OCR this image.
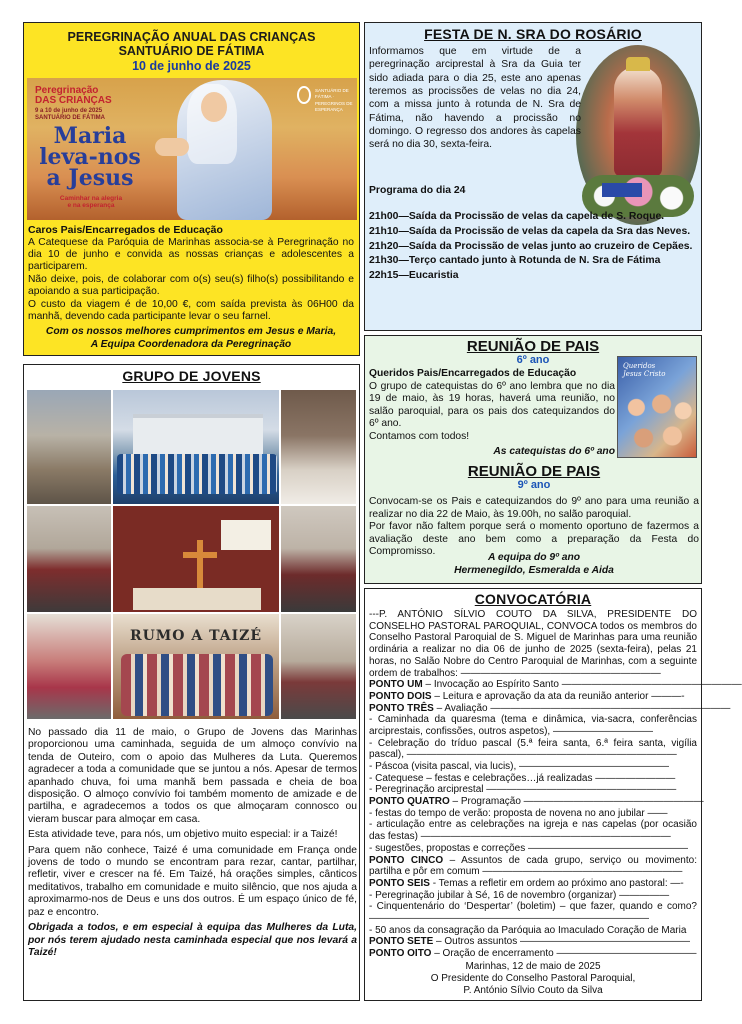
PEREGRINAÇÃO ANUAL DAS CRIANÇAS
SANTUÁRIO DE FÁTIMA
10 de junho de 2025
SANTUÁRIO DE FÁTIMA · PEREGRINOS DE ESPERANÇA
Peregrinação
DAS CRIANÇAS
9 a 10 de junho de 2025
SANTUÁRIO DE FÁTIMA
Maria
leva-nos
a Jesus
Caminhar na alegria
e na esperança
Caros Pais/Encarregados de Educação

A Catequese da Paróquia de Marinhas associa-se à Peregrinação no dia 10 de junho e convida as nossas crianças e adolescentes a participarem.

Não deixe, pois, de colaborar com o(s) seu(s) filho(s) possibilitando e apoiando a sua participação.

O custo da viagem é de 10,00 €, com saída prevista às 06H00 da manhã, devendo cada participante levar o seu farnel.

Com os nossos melhores cumprimentos em Jesus e Maria,
A Equipa Coordenadora da Peregrinação
FESTA DE N. SRA DO ROSÁRIO

Informamos que em virtude de a peregrinação arciprestal à Sra da Guia ter sido adiada para o dia 25, este ano apenas teremos as procissões de velas no dia 24, com a missa junto à rotunda de N. Sra de Fátima, não havendo a procissão no domingo. O regresso dos andores às capelas será no dia 30, sexta-feira.

Programa do dia 24
21h00—Saída da Procissão de velas da capela de S. Roque.
21h10—Saída da Procissão de velas da capela da Sra das Neves.
21h20—Saída da Procissão de velas junto ao cruzeiro de Cepães.
21h30—Terço cantado junto à Rotunda de N. Sra de Fátima
22h15—Eucaristia
REUNIÃO DE PAIS
6º ano	Queridos
Jesus Cristo
Queridos Pais/Encarregados de Educação

O grupo de catequistas do 6º ano lembra que no dia 19 de maio, às 19 horas, haverá uma reunião, no salão paroquial, para os pais dos catequizandos do 6º ano.

Contamos com todos!
As catequistas do 6º ano
REUNIÃO DE PAIS
9º ano

Convocam-se os Pais e catequizandos do 9º ano para uma reunião a realizar no dia 22 de Maio, às 19.00h, no salão paroquial.

Por favor não faltem porque será o momento oportuno de fazermos a avaliação deste ano bem como a preparação da Festa do Compromisso.

A equipa do 9º ano
Hermenegildo, Esmeralda e Aida
GRUPO DE JOVENS
RUMO A TAIZÉ

No passado dia 11 de maio, o Grupo de Jovens das Marinhas proporcionou uma caminhada, seguida de um almoço convívio na tenda de Outeiro, com o apoio das Mulheres da Luta. Queremos agradecer a toda a comunidade que se juntou a nós. Apesar de termos apanhado chuva, foi uma manhã bem passada e cheia de boa disposição. O almoço convívio foi também momento de amizade e de partilha, e agradecemos a todos os que almoçaram connosco ou vieram buscar para almoçar em casa.

Esta atividade teve, para nós, um objetivo muito especial: ir a Taizé!

Para quem não conhece, Taizé é uma comunidade em França onde jovens de todo o mundo se encontram para rezar, cantar, partilhar, refletir, viver e crescer na fé. Em Taizé, há orações simples, cânticos meditativos, trabalho em comunidade e muito silêncio, que nos ajuda a aproximarmo-nos de Deus e uns dos outros. É um espaço único de fé, paz e encontro.

Obrigada a todos, e em especial à equipa das Mulheres da Luta, por nós terem ajudado nesta caminhada especial que nos levará a Taizé!

CONVOCATÓRIA

---P. ANTÓNIO SÍLVIO COUTO DA SILVA, PRESIDENTE DO CONSELHO PASTORAL PAROQUIAL, CONVOCA todos os membros do Conselho Pastoral Paroquial de S. Miguel de Marinhas para uma reunião ordinária a realizar no dia 06 de junho de 2025 (sexta-feira), pelas 21 horas, no Salão Nobre do Centro Paroquial de Marinhas, com a seguinte ordem de trabalhos: ————————————————————

PONTO UM – Invocação ao Espírito Santo ——————————————————
PONTO DOIS – Leitura e aprovação da ata da reunião anterior ———-
PONTO TRÊS – Avaliação ————————————————————————
- Caminhada da quaresma (tema e dinâmica, via-sacra, conferências arciprestais, confissões, outros aspetos), ——————————
- Celebração do tríduo pascal (5.ª feira santa, 6.ª feira santa, vigília pascal), ———————————————————————————
- Páscoa (visita pascal, via lucis), ———————————————
- Catequese – festas e celebrações…já realizadas ————————
- Peregrinação arciprestal ———————————————————
PONTO QUATRO – Programação ——————————————————
- festas do tempo de verão: proposta de novena no ano jubilar ——
- articulação entre as celebrações na igreja e nas capelas (por ocasião das festas) —————————————————————————
- sugestões, propostas e correções ————————————————
PONTO CINCO – Assuntos de cada grupo, serviço ou movimento: partilha e pôr em comum ————————————————————
PONTO SEIS - Temas a refletir em ordem ao próximo ano pastoral: —-
- Peregrinação jubilar à Sé, 16 de novembro (organizar) —————
- Cinquentenário do ‘Despertar’ (boletim) – que fazer, quando e como? ————————————————————————————
- 50 anos da consagração da Paróquia ao Imaculado Coração de Maria
PONTO SETE – Outros assuntos —————————————————
PONTO OITO – Oração de encerramento ——————————————
Marinhas, 12 de maio de 2025
O Presidente do Conselho Pastoral Paroquial,
P. António Sílvio Couto da Silva
